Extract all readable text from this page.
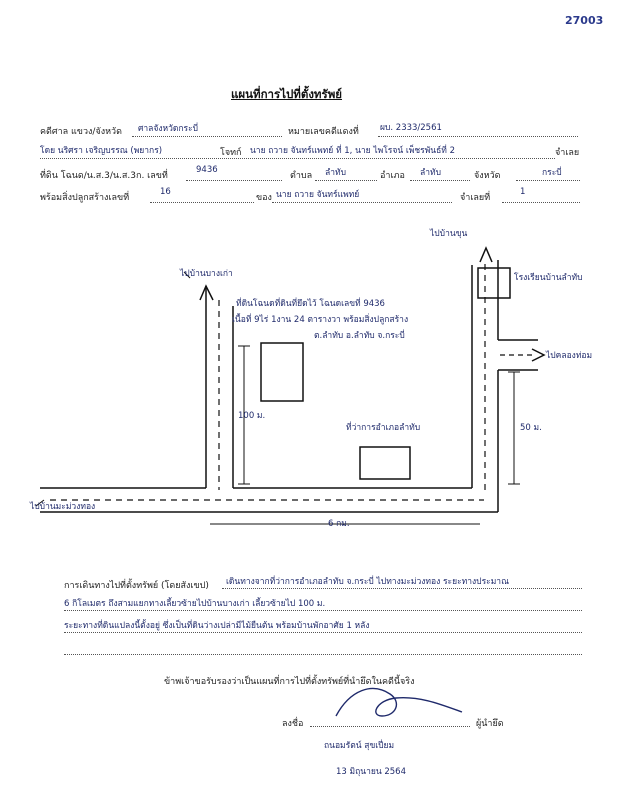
27003
แผนที่การไปที่ตั้งทรัพย์
คดีศาล แขวง/จังหวัด ศาลจังหวัดกระบี่	หมายเลขคดีแดงที่ ผบ. 2333/2561
โดย นริศรา เจริญบรรณ (พยากร)	โจทก์ นาย ถวาย จันทร์แพทย์ ที่ 1, นาย ไพโรจน์ เพ็ชรพันธ์ที่ 2	จำเลย
ที่ดิน โฉนด/น.ส.3/น.ส.3ก. เลขที่
9436
ตำบล ลำทับ	อำเภอ ลำทับ	จังหวัด	กระบี่
พร้อมสิ่งปลูกสร้างเลขที่
16
ของ นาย ถวาย จันทร์แพทย์	จำเลยที่
1
ไปบ้านบางเก่า
ไปบ้านขุน
โรงเรียนบ้านลำทับ
ไปคลองท่อม
ที่ดินโฉนดที่ดินที่ยึดไว้ โฉนดเลขที่ 9436
เนื้อที่ 9ไร่ 1งาน 24 ตารางวา พร้อมสิ่งปลูกสร้าง
ต.ลำทับ อ.ลำทับ จ.กระบี่
ที่ว่าการอำเภอลำทับ
100 ม.
50 ม.
ไปบ้านมะม่วงทอง
6 กม.
การเดินทางไปที่ตั้งทรัพย์ (โดยสังเขป) เดินทางจากที่ว่าการอำเภอลำทับ จ.กระบี่ ไปทางมะม่วงทอง ระยะทางประมาณ
6 กิโลเมตร ถึงสามแยกทางเลี้ยวซ้ายไปบ้านบางเก่า เลี้ยวซ้ายไป 100 ม.
ระยะทางที่ดินแปลงนี้ตั้งอยู่ ซึ่งเป็นที่ดินว่างเปล่ามีไม้ยืนต้น พร้อมบ้านพักอาศัย 1 หลัง
ข้าพเจ้าขอรับรองว่าเป็นแผนที่การไปที่ตั้งทรัพย์ที่นำยึดในคดีนี้จริง
ลงชื่อ	ผู้นำยึด
ถนอมรัตน์ สุขเปี่ยม
13 มิถุนายน 2564
